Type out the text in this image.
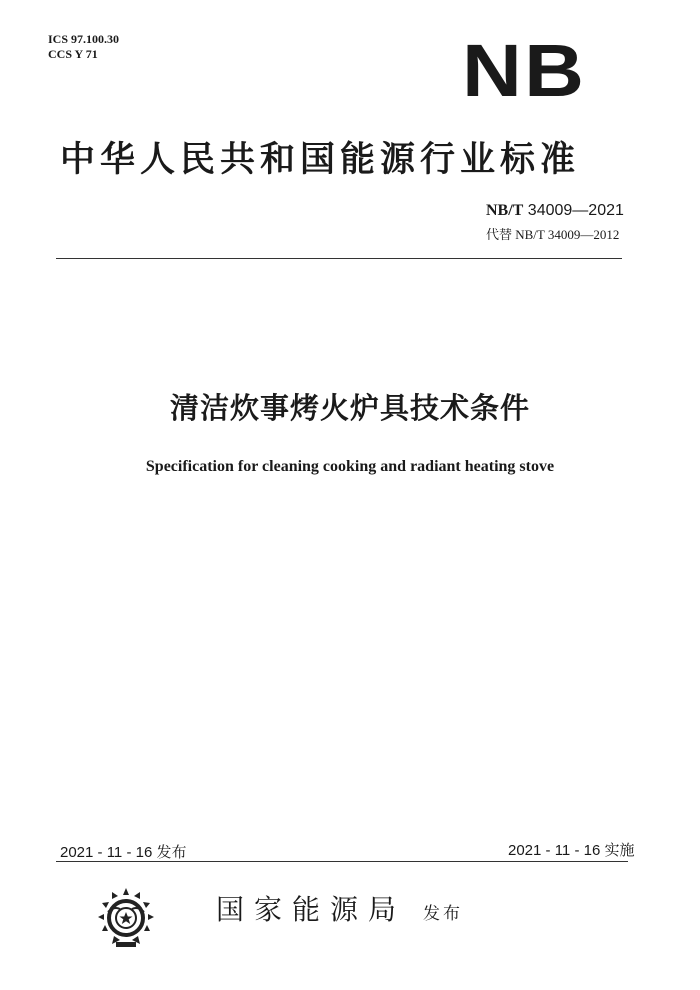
ICS 97.100.30
CCS Y 71	NB
中华人民共和国能源行业标准
NB/T 34009—2021
代替 NB/T 34009—2012
清洁炊事烤火炉具技术条件
Specification for cleaning cooking and radiant heating stove
2021 - 11 - 16 发布	2021 - 11 - 16 实施
国家能源局 发布
